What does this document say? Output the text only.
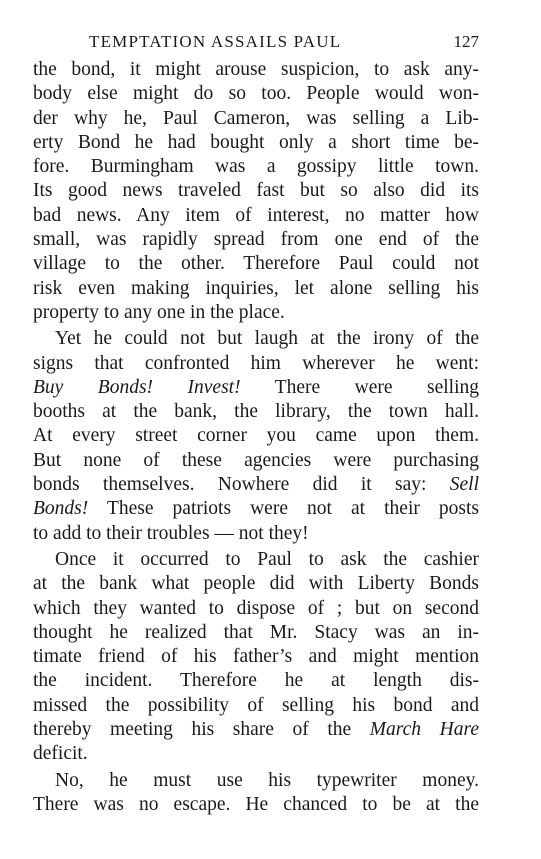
TEMPTATION ASSAILS PAUL	127

the bond, it might arouse suspicion, to ask any-
body else might do so too. People would won-
der why he, Paul Cameron, was selling a Lib-
erty Bond he had bought only a short time be-
fore. Burmingham was a gossipy little town.
Its good news traveled fast but so also did its
bad news. Any item of interest, no matter how
small, was rapidly spread from one end of the
village to the other. Therefore Paul could not
risk even making inquiries, let alone selling his
property to any one in the place.

Yet he could not but laugh at the irony of the
signs that confronted him wherever he went:
Buy Bonds! Invest! There were selling
booths at the bank, the library, the town hall.
At every street corner you came upon them.
But none of these agencies were purchasing
bonds themselves. Nowhere did it say: Sell
Bonds! These patriots were not at their posts
to add to their troubles — not they!

Once it occurred to Paul to ask the cashier
at the bank what people did with Liberty Bonds
which they wanted to dispose of ; but on second
thought he realized that Mr. Stacy was an in-
timate friend of his father’s and might mention
the incident. Therefore he at length dis-
missed the possibility of selling his bond and
thereby meeting his share of the March Hare
deficit.

No, he must use his typewriter money.
There was no escape. He chanced to be at the
